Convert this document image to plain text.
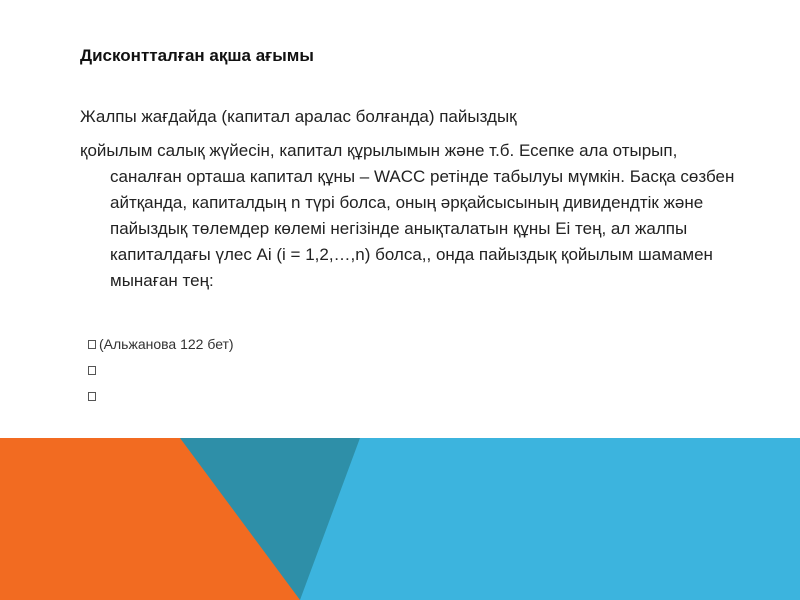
Дисконтталған ақша ағымы
Жалпы жағдайда (капитал аралас болғанда) пайыздық
қойылым салық жүйесін, капитал құрылымын және т.б. Есепке ала отырып, саналған орташа капитал құны – WACC ретінде табылуы мүмкін. Басқа сөзбен айтқанда, капиталдың n түрі болса, оның әрқайсысының дивидендтік және пайыздық төлемдер көлемі негізінде анықталатын құны Ei тең, ал жалпы капиталдағы үлес Ai (i = 1,2,…,n) болса,, онда пайыздық қойылым шамамен мынаған тең:
(Альжанова 122 бет)
